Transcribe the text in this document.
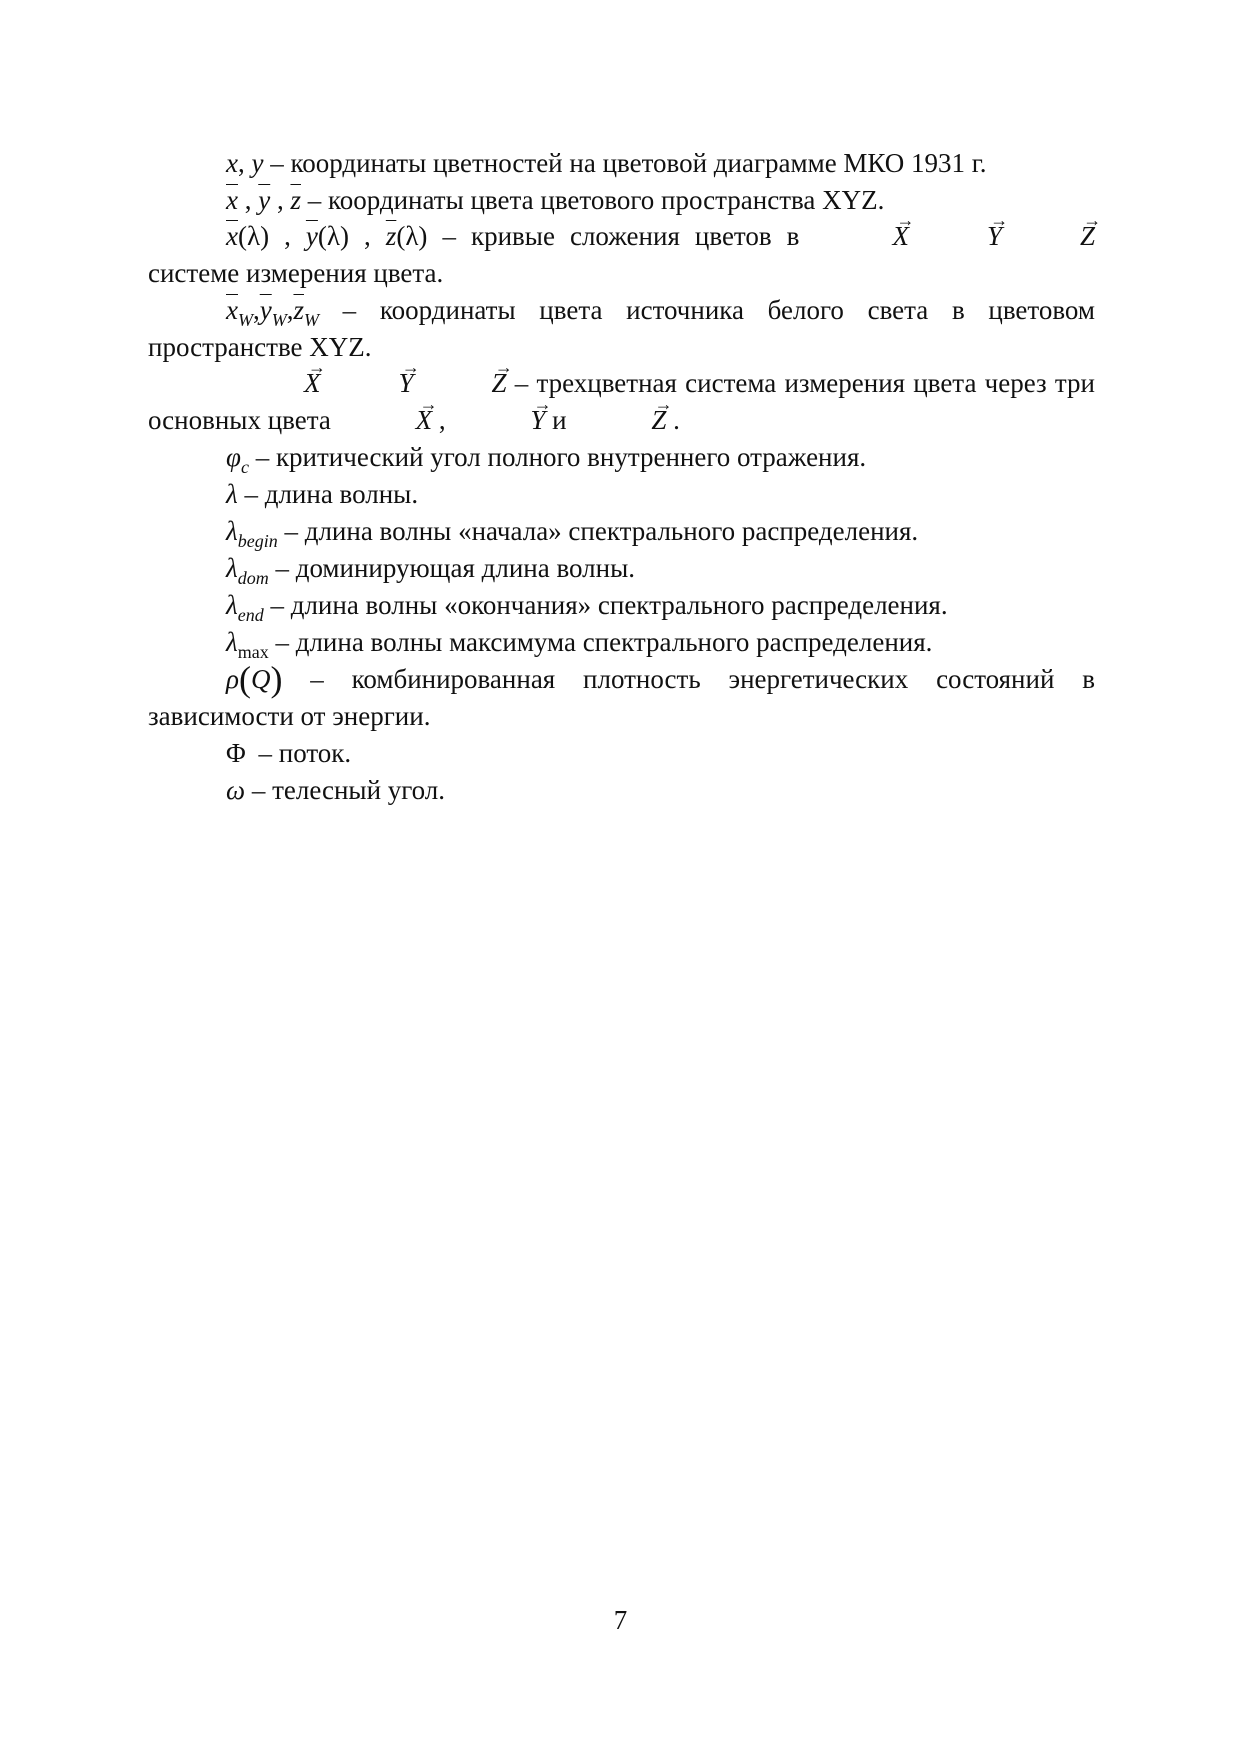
x, y – координаты цветностей на цветовой диаграмме МКО 1931 г.

$\overline{x}$ , $\overline{y}$ , $\overline{z}$ – координаты цвета цветового пространства XYZ.

$\overline{x}(\lambda)$ , $\overline{y}(\lambda)$ , $\overline{z}(\lambda)$ – кривые сложения цветов в	→ X	→ Y	→ Z системе измерения цвета.

$\overline{x}_W,\overline{y}_W,\overline{z}_W$ – координаты цвета источника белого света в цветовом пространстве XYZ.

→ X	→ Y	→ Z – трехцветная система измерения цвета через три основных цвета	→ X ,	→ Y и	→ Z .

$\varphi_c$ – критический угол полного внутреннего отражения.

λ – длина волны.

$\lambda_{begin}$ – длина волны «начала» спектрального распределения.

$\lambda_{dom}$ – доминирующая длина волны.

$\lambda_{end}$ – длина волны «окончания» спектрального распределения.

$\lambda_{max}$ – длина волны максимума спектрального распределения.

ρ(Q) – комбинированная плотность энергетических состояний в зависимости от энергии.

Φ – поток.

ω – телесный угол.

7
